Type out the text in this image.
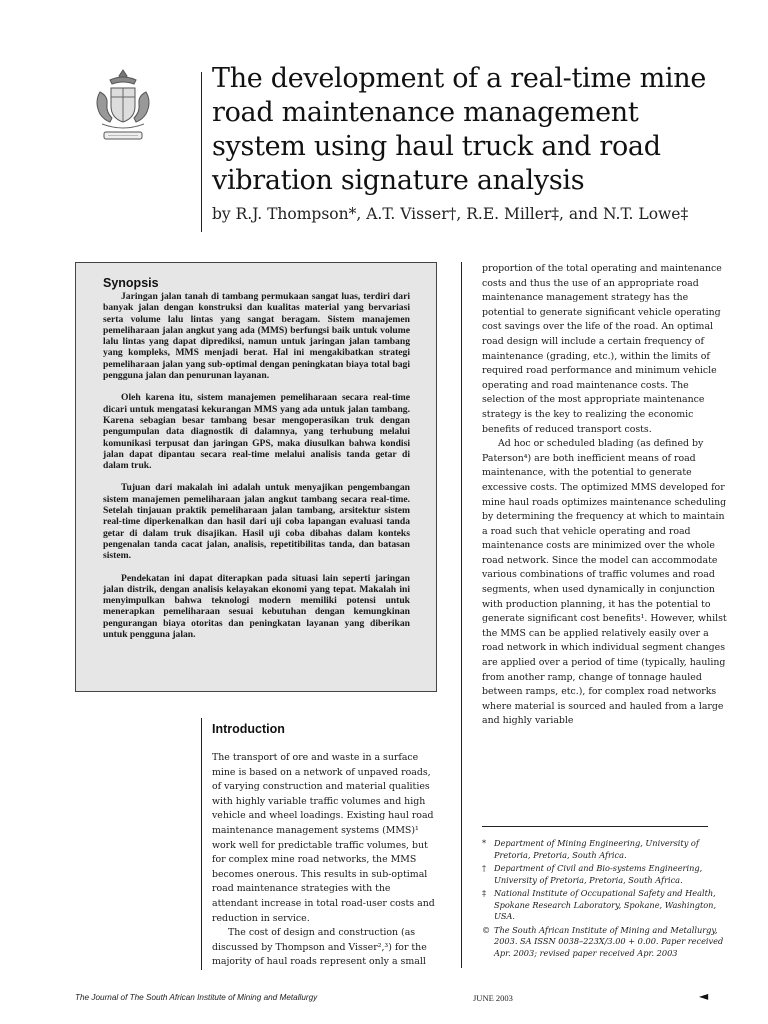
The development of a real-time mine road maintenance management system using haul truck and road vibration signature analysis
by R.J. Thompson*, A.T. Visser†, R.E. Miller‡, and N.T. Lowe‡
Synopsis

Jaringan jalan tanah di tambang permukaan sangat luas, terdiri dari banyak jalan dengan konstruksi dan kualitas material yang bervariasi serta volume lalu lintas yang sangat beragam. Sistem manajemen pemeliharaan jalan angkut yang ada (MMS) berfungsi baik untuk volume lalu lintas yang dapat diprediksi, namun untuk jaringan jalan tambang yang kompleks, MMS menjadi berat. Hal ini mengakibatkan strategi pemeliharaan jalan yang sub-optimal dengan peningkatan biaya total bagi pengguna jalan dan penurunan layanan.

Oleh karena itu, sistem manajemen pemeliharaan secara real-time dicari untuk mengatasi kekurangan MMS yang ada untuk jalan tambang. Karena sebagian besar tambang besar mengoperasikan truk dengan pengumpulan data diagnostik di dalamnya, yang terhubung melalui komunikasi terpusat dan jaringan GPS, maka diusulkan bahwa kondisi jalan dapat dipantau secara real-time melalui analisis tanda getar di dalam truk.

Tujuan dari makalah ini adalah untuk menyajikan pengembangan sistem manajemen pemeliharaan jalan angkut tambang secara real-time. Setelah tinjauan praktik pemeliharaan jalan tambang, arsitektur sistem real-time diperkenalkan dan hasil dari uji coba lapangan evaluasi tanda getar di dalam truk disajikan. Hasil uji coba dibahas dalam konteks pengenalan tanda cacat jalan, analisis, repetitibilitas tanda, dan batasan sistem.

Pendekatan ini dapat diterapkan pada situasi lain seperti jaringan jalan distrik, dengan analisis kelayakan ekonomi yang tepat. Makalah ini menyimpulkan bahwa teknologi modern memiliki potensi untuk menerapkan pemeliharaan sesuai kebutuhan dengan kemungkinan pengurangan biaya otoritas dan peningkatan layanan yang diberikan untuk pengguna jalan.

Introduction

The transport of ore and waste in a surface mine is based on a network of unpaved roads, of varying construction and material qualities with highly variable traffic volumes and high vehicle and wheel loadings. Existing haul road maintenance management systems (MMS)¹ work well for predictable traffic volumes, but for complex mine road networks, the MMS becomes onerous. This results in sub-optimal road maintenance strategies with the attendant increase in total road-user costs and reduction in service.

The cost of design and construction (as discussed by Thompson and Visser²,³) for the majority of haul roads represent only a small

proportion of the total operating and maintenance costs and thus the use of an appropriate road maintenance management strategy has the potential to generate significant vehicle operating cost savings over the life of the road. An optimal road design will include a certain frequency of maintenance (grading, etc.), within the limits of required road performance and minimum vehicle operating and road maintenance costs. The selection of the most appropriate maintenance strategy is the key to realizing the economic benefits of reduced transport costs.

Ad hoc or scheduled blading (as defined by Paterson⁴) are both inefficient means of road maintenance, with the potential to generate excessive costs. The optimized MMS developed for mine haul roads optimizes maintenance scheduling by determining the frequency at which to maintain a road such that vehicle operating and road maintenance costs are minimized over the whole road network. Since the model can accommodate various combinations of traffic volumes and road segments, when used dynamically in conjunction with production planning, it has the potential to generate significant cost benefits¹. However, whilst the MMS can be applied relatively easily over a road network in which individual segment changes are applied over a period of time (typically, hauling from another ramp, change of tonnage hauled between ramps, etc.), for complex road networks where material is sourced and hauled from a large and highly variable

* Department of Mining Engineering, University of Pretoria, Pretoria, South Africa.

† Department of Civil and Bio-systems Engineering, University of Pretoria, Pretoria, South Africa.

‡ National Institute of Occupational Safety and Health, Spokane Research Laboratory, Spokane, Washington, USA.

© The South African Institute of Mining and Metallurgy, 2003. SA ISSN 0038–223X/3.00 + 0.00. Paper received Apr. 2003; revised paper received Apr. 2003

The Journal of The South African Institute of Mining and Metallurgy	JUNE 2003	◄
